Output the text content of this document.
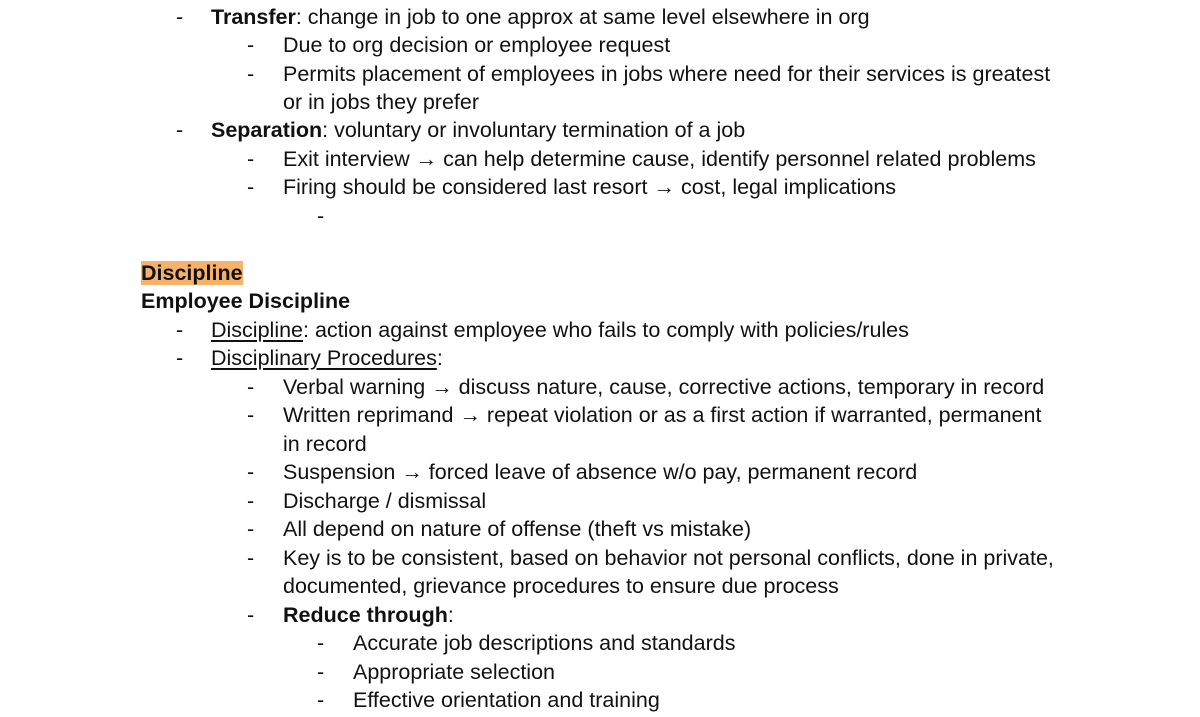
- Transfer: change in job to one approx at same level elsewhere in org
- Due to org decision or employee request
- Permits placement of employees in jobs where need for their services is greatest
or in jobs they prefer
- Separation: voluntary or involuntary termination of a job
- Exit interview → can help determine cause, identify personnel related problems
- Firing should be considered last resort → cost, legal implications
-
Discipline
Employee Discipline
- Discipline: action against employee who fails to comply with policies/rules
- Disciplinary Procedures:
- Verbal warning → discuss nature, cause, corrective actions, temporary in record
- Written reprimand → repeat violation or as a first action if warranted, permanent
in record
- Suspension → forced leave of absence w/o pay, permanent record
- Discharge / dismissal
- All depend on nature of offense (theft vs mistake)
- Key is to be consistent, based on behavior not personal conflicts, done in private,
documented, grievance procedures to ensure due process
- Reduce through:
- Accurate job descriptions and standards
- Appropriate selection
- Effective orientation and training
